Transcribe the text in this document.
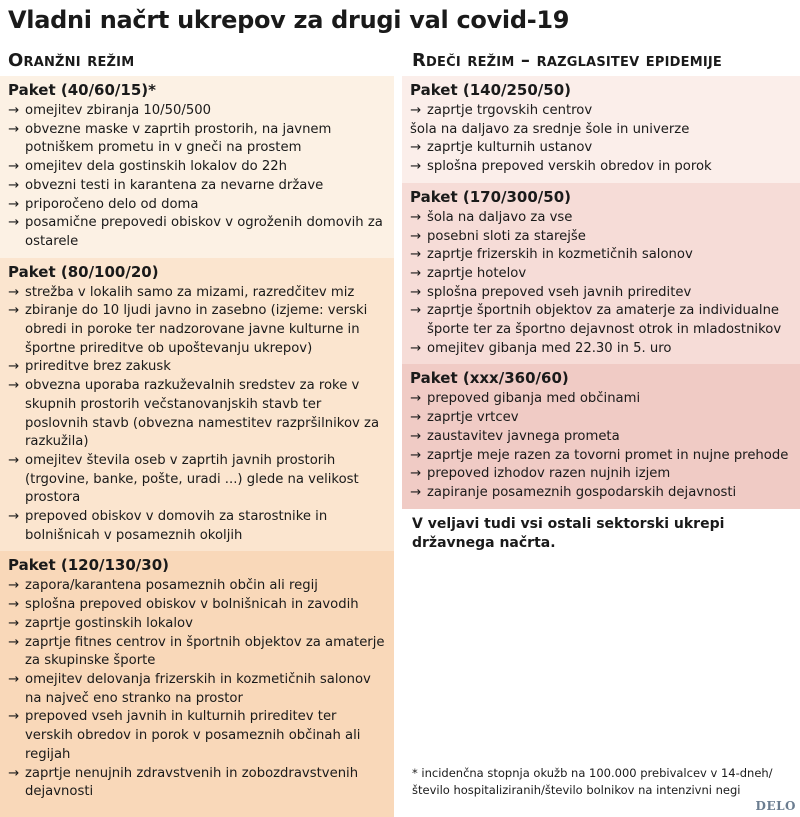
Vladni načrt ukrepov za drugi val covid-19
Oranžni režim	Rdeči režim – razglasitev epidemije
Paket (40/60/15)*
→ omejitev zbiranja 10/50/500
→ obvezne maske v zaprtih prostorih, na javnem potniškem prometu in v gneči na prostem
→ omejitev dela gostinskih lokalov do 22h
→ obvezni testi in karantena za nevarne države
→ priporočeno delo od doma
→ posamične prepovedi obiskov v ogroženih domovih za ostarele
Paket (80/100/20)
→ strežba v lokalih samo za mizami, razredčitev miz
→ zbiranje do 10 ljudi javno in zasebno (izjeme: verski obredi in poroke ter nadzorovane javne kulturne in športne prireditve ob upoštevanju ukrepov)
→ prireditve brez zakusk
→ obvezna uporaba razkuževalnih sredstev za roke v skupnih prostorih večstanovanjskih stavb ter poslovnih stavb (obvezna namestitev razpršilnikov za razkužila)
→ omejitev števila oseb v zaprtih javnih prostorih (trgovine, banke, pošte, uradi ...) glede na velikost prostora
→ prepoved obiskov v domovih za starostnike in bolnišnicah v posameznih okoljih
Paket (120/130/30)
→ zapora/karantena posameznih občin ali regij
→ splošna prepoved obiskov v bolnišnicah in zavodih
→ zaprtje gostinskih lokalov
→ zaprtje fitnes centrov in športnih objektov za amaterje za skupinske športe
→ omejitev delovanja frizerskih in kozmetičnih salonov na največ eno stranko na prostor
→ prepoved vseh javnih in kulturnih prireditev ter verskih obredov in porok v posameznih občinah ali regijah
→ zaprtje nenujnih zdravstvenih in zobozdravstvenih dejavnosti
Paket (140/250/50)
→ zaprtje trgovskih centrov
šola na daljavo za srednje šole in univerze
→ zaprtje kulturnih ustanov
→ splošna prepoved verskih obredov in porok
Paket (170/300/50)
→ šola na daljavo za vse
→ posebni sloti za starejše
→ zaprtje frizerskih in kozmetičnih salonov
→ zaprtje hotelov
→ splošna prepoved vseh javnih prireditev
→ zaprtje športnih objektov za amaterje za individualne športe ter za športno dejavnost otrok in mladostnikov
→ omejitev gibanja med 22.30 in 5. uro
Paket (xxx/360/60)
→ prepoved gibanja med občinami
→ zaprtje vrtcev
→ zaustavitev javnega prometa
→ zaprtje meje razen za tovorni promet in nujne prehode
→ prepoved izhodov razen nujnih izjem
→ zapiranje posameznih gospodarskih dejavnosti
V veljavi tudi vsi ostali sektorski ukrepi državnega načrta.
* incidenčna stopnja okužb na 100.000 prebivalcev v 14-dneh/ število hospitaliziranih/število bolnikov na intenzivni negi
DELO
